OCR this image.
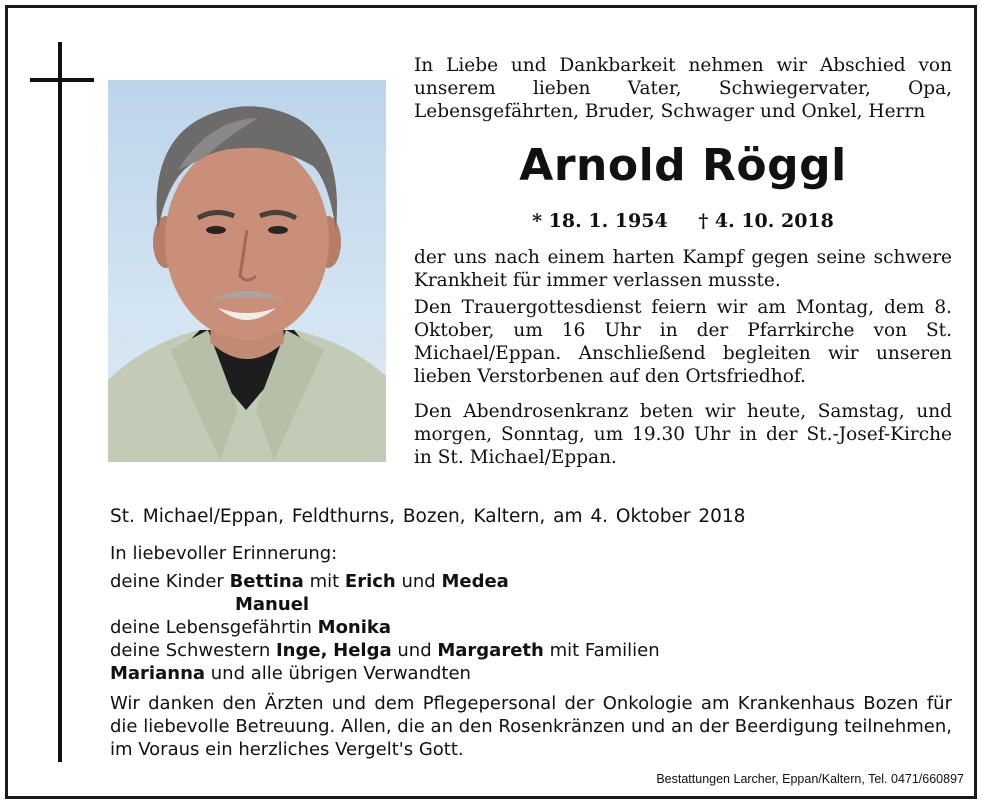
In Liebe und Dankbarkeit nehmen wir Abschied von unserem lieben Vater, Schwiegervater, Opa, Lebensgefährten, Bruder, Schwager und Onkel, Herrn
Arnold Röggl
* 18. 1. 1954 † 4. 10. 2018
der uns nach einem harten Kampf gegen seine schwere Krankheit für immer verlassen musste.
Den Trauergottesdienst feiern wir am Montag, dem 8. Oktober, um 16 Uhr in der Pfarrkirche von St. Michael/Eppan. Anschließend begleiten wir unseren lieben Verstorbenen auf den Ortsfriedhof.
Den Abendrosenkranz beten wir heute, Samstag, und morgen, Sonntag, um 19.30 Uhr in der St.-Josef-Kirche in St. Michael/Eppan.
St. Michael/Eppan, Feldthurns, Bozen, Kaltern, am 4. Oktober 2018
In liebevoller Erinnerung:
deine Kinder Bettina mit Erich und Medea
Manuel
deine Lebensgefährtin Monika
deine Schwestern Inge, Helga und Margareth mit Familien
Marianna und alle übrigen Verwandten
Wir danken den Ärzten und dem Pflegepersonal der Onkologie am Krankenhaus Bozen für die liebevolle Betreuung. Allen, die an den Rosenkränzen und an der Beerdigung teilnehmen, im Voraus ein herzliches Vergelt's Gott.
Bestattungen Larcher, Eppan/Kaltern, Tel. 0471/660897
